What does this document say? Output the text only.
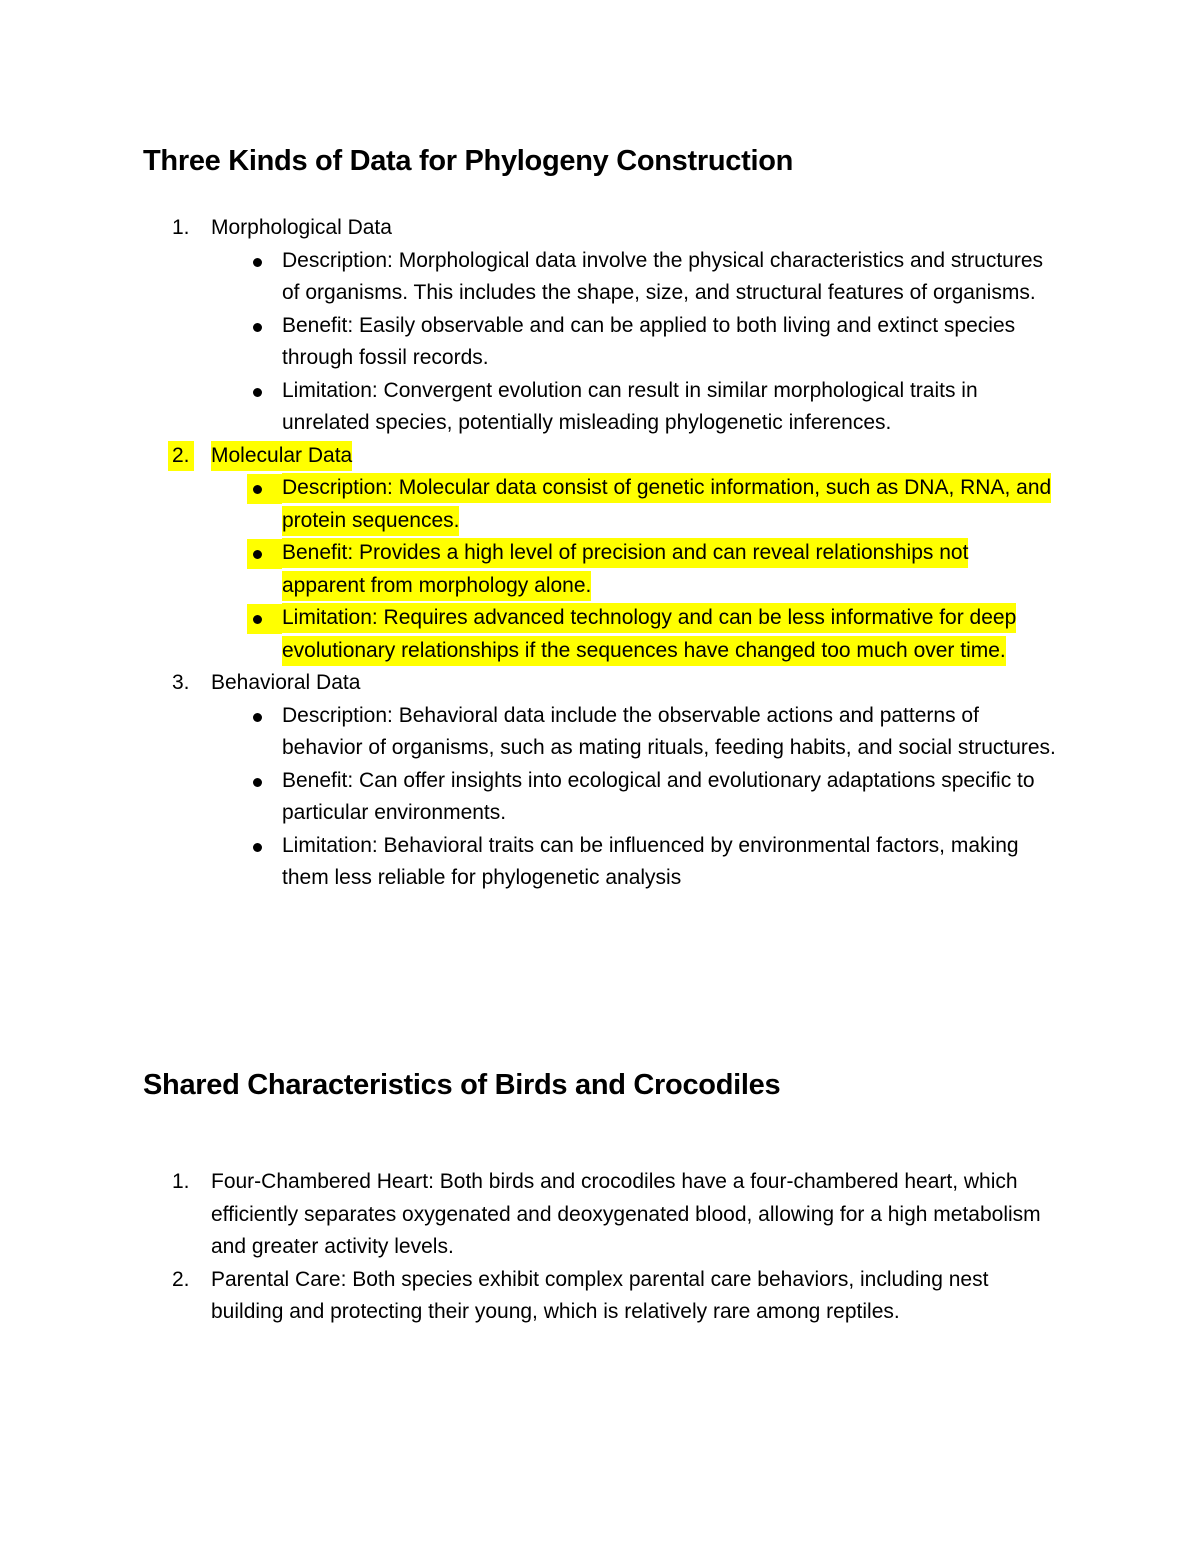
Three Kinds of Data for Phylogeny Construction
1.	Morphological Data
Description: Morphological data involve the physical characteristics and structures of organisms. This includes the shape, size, and structural features of organisms.
Benefit: Easily observable and can be applied to both living and extinct species through fossil records.
Limitation: Convergent evolution can result in similar morphological traits in unrelated species, potentially misleading phylogenetic inferences.
2.	Molecular Data
Description: Molecular data consist of genetic information, such as DNA, RNA, and protein sequences.
Benefit: Provides a high level of precision and can reveal relationships not apparent from morphology alone.
Limitation: Requires advanced technology and can be less informative for deep evolutionary relationships if the sequences have changed too much over time.
3.	Behavioral Data
Description: Behavioral data include the observable actions and patterns of behavior of organisms, such as mating rituals, feeding habits, and social structures.
Benefit: Can offer insights into ecological and evolutionary adaptations specific to particular environments.
Limitation: Behavioral traits can be influenced by environmental factors, making them less reliable for phylogenetic analysis
Shared Characteristics of Birds and Crocodiles
1.	Four-Chambered Heart: Both birds and crocodiles have a four-chambered heart, which efficiently separates oxygenated and deoxygenated blood, allowing for a high metabolism and greater activity levels.
2.	Parental Care: Both species exhibit complex parental care behaviors, including nest building and protecting their young, which is relatively rare among reptiles.
